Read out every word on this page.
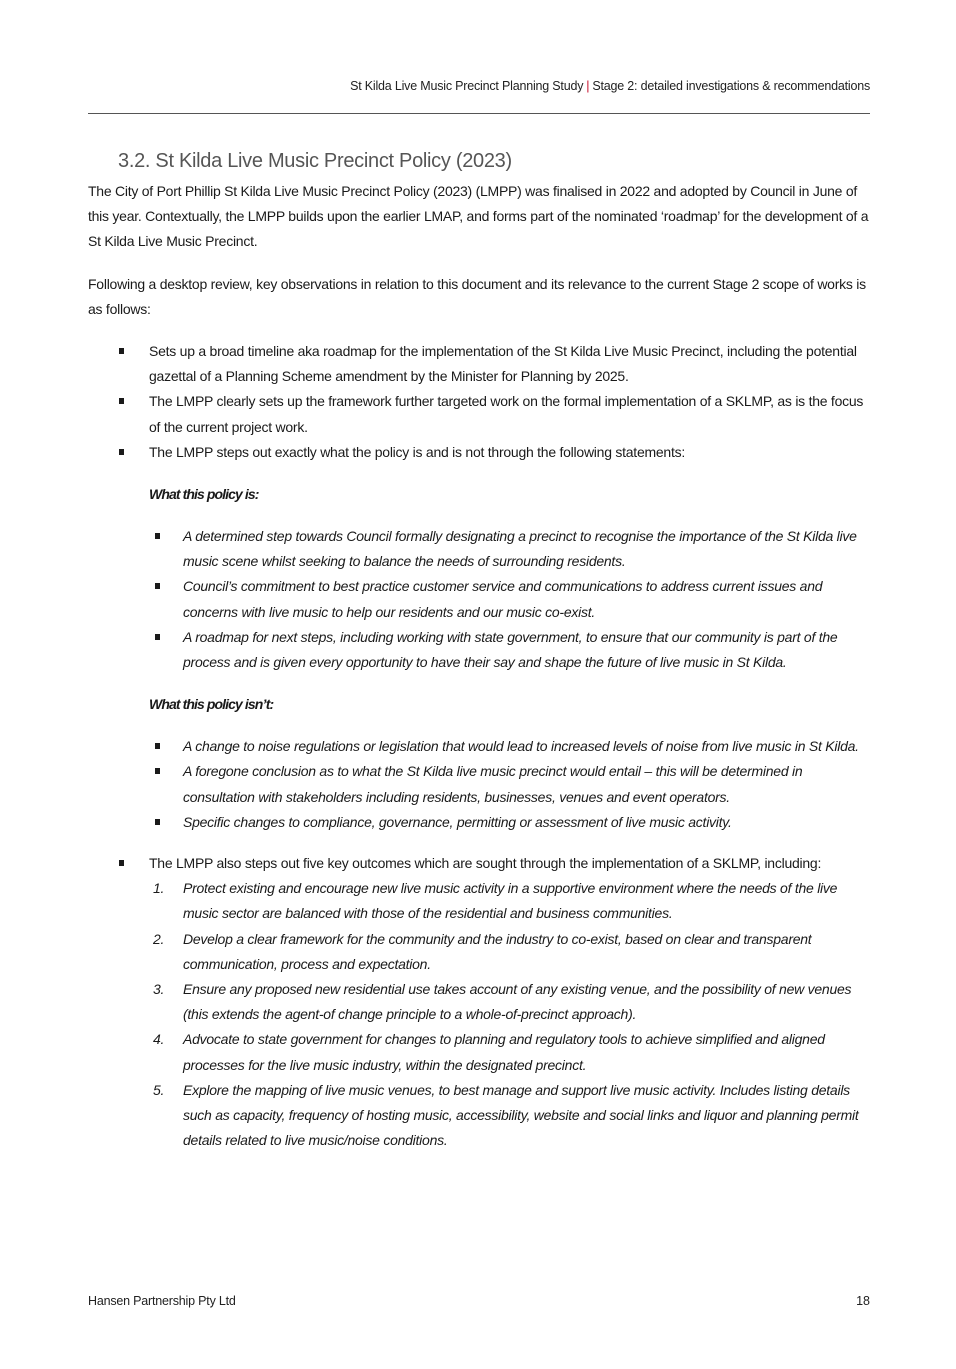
St Kilda Live Music Precinct Planning Study | Stage 2: detailed investigations & recommendations
3.2. St Kilda Live Music Precinct Policy (2023)

The City of Port Phillip St Kilda Live Music Precinct Policy (2023) (LMPP) was finalised in 2022 and adopted by Council in June of this year. Contextually, the LMPP builds upon the earlier LMAP, and forms part of the nominated ‘roadmap’ for the development of a St Kilda Live Music Precinct.

Following a desktop review, key observations in relation to this document and its relevance to the current Stage 2 scope of works is as follows:

Sets up a broad timeline aka roadmap for the implementation of the St Kilda Live Music Precinct, including the potential gazettal of a Planning Scheme amendment by the Minister for Planning by 2025.
The LMPP clearly sets up the framework further targeted work on the formal implementation of a SKLMP, as is the focus of the current project work.
The LMPP steps out exactly what the policy is and is not through the following statements:
What this policy is:
A determined step towards Council formally designating a precinct to recognise the importance of the St Kilda live music scene whilst seeking to balance the needs of surrounding residents.
Council’s commitment to best practice customer service and communications to address current issues and concerns with live music to help our residents and our music co-exist.
A roadmap for next steps, including working with state government, to ensure that our community is part of the process and is given every opportunity to have their say and shape the future of live music in St Kilda.
What this policy isn’t:
A change to noise regulations or legislation that would lead to increased levels of noise from live music in St Kilda.
A foregone conclusion as to what the St Kilda live music precinct would entail – this will be determined in consultation with stakeholders including residents, businesses, venues and event operators.
Specific changes to compliance, governance, permitting or assessment of live music activity.
The LMPP also steps out five key outcomes which are sought through the implementation of a SKLMP, including:
1. Protect existing and encourage new live music activity in a supportive environment where the needs of the live music sector are balanced with those of the residential and business communities.
2. Develop a clear framework for the community and the industry to co-exist, based on clear and transparent communication, process and expectation.
3. Ensure any proposed new residential use takes account of any existing venue, and the possibility of new venues (this extends the agent-of change principle to a whole-of-precinct approach).
4. Advocate to state government for changes to planning and regulatory tools to achieve simplified and aligned processes for the live music industry, within the designated precinct.
5. Explore the mapping of live music venues, to best manage and support live music activity. Includes listing details such as capacity, frequency of hosting music, accessibility, website and social links and liquor and planning permit details related to live music/noise conditions.
Hansen Partnership Pty Ltd	18
